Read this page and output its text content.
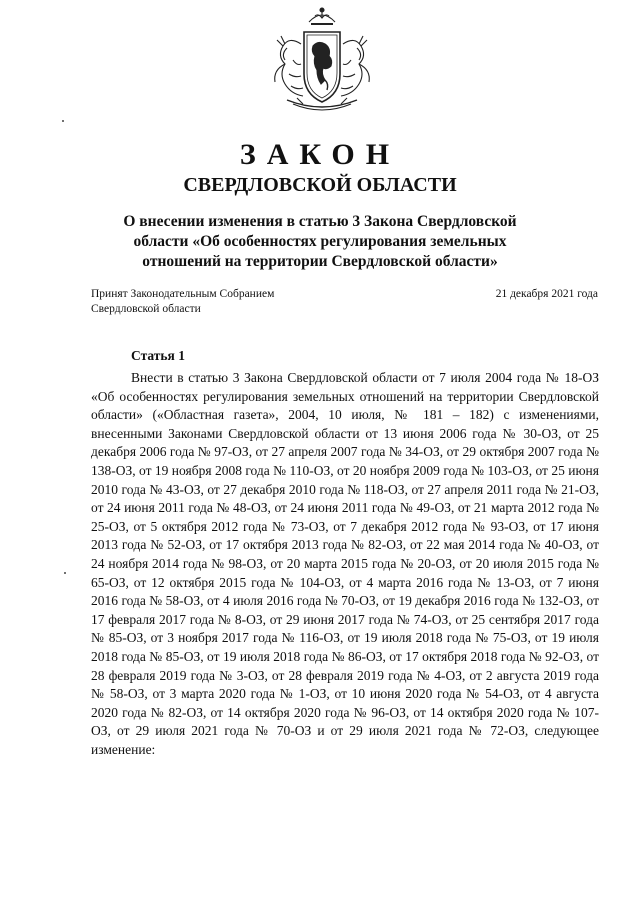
ЗАКОН
СВЕРДЛОВСКОЙ ОБЛАСТИ
О внесении изменения в статью 3 Закона Свердловской
области «Об особенностях регулирования земельных
отношений на территории Свердловской области»
Принят Законодательным Собранием
Свердловской области
21 декабря 2021 года
Статья 1

Внести в статью 3 Закона Свердловской области от 7 июля 2004 года № 18-ОЗ «Об особенностях регулирования земельных отношений на территории Свердловской области» («Областная газета», 2004, 10 июля, № 181 – 182) с изменениями, внесенными Законами Свердловской области от 13 июня 2006 года № 30-ОЗ, от 25 декабря 2006 года № 97-ОЗ, от 27 апреля 2007 года № 34-ОЗ, от 29 октября 2007 года № 138-ОЗ, от 19 ноября 2008 года № 110-ОЗ, от 20 ноября 2009 года № 103-ОЗ, от 25 июня 2010 года № 43-ОЗ, от 27 декабря 2010 года № 118-ОЗ, от 27 апреля 2011 года № 21-ОЗ, от 24 июня 2011 года № 48-ОЗ, от 24 июня 2011 года № 49-ОЗ, от 21 марта 2012 года № 25-ОЗ, от 5 октября 2012 года № 73-ОЗ, от 7 декабря 2012 года № 93-ОЗ, от 17 июня 2013 года № 52-ОЗ, от 17 октября 2013 года № 82-ОЗ, от 22 мая 2014 года № 40-ОЗ, от 24 ноября 2014 года № 98-ОЗ, от 20 марта 2015 года № 20-ОЗ, от 20 июля 2015 года № 65-ОЗ, от 12 октября 2015 года № 104-ОЗ, от 4 марта 2016 года № 13-ОЗ, от 7 июня 2016 года № 58-ОЗ, от 4 июля 2016 года № 70-ОЗ, от 19 декабря 2016 года № 132-ОЗ, от 17 февраля 2017 года № 8-ОЗ, от 29 июня 2017 года № 74-ОЗ, от 25 сентября 2017 года № 85-ОЗ, от 3 ноября 2017 года № 116-ОЗ, от 19 июля 2018 года № 75-ОЗ, от 19 июля 2018 года № 85-ОЗ, от 19 июля 2018 года № 86-ОЗ, от 17 октября 2018 года № 92-ОЗ, от 28 февраля 2019 года № 3-ОЗ, от 28 февраля 2019 года № 4-ОЗ, от 2 августа 2019 года № 58-ОЗ, от 3 марта 2020 года № 1-ОЗ, от 10 июня 2020 года № 54-ОЗ, от 4 августа 2020 года № 82-ОЗ, от 14 октября 2020 года № 96-ОЗ, от 14 октября 2020 года № 107-ОЗ, от 29 июля 2021 года № 70-ОЗ и от 29 июля 2021 года № 72-ОЗ, следующее изменение:
